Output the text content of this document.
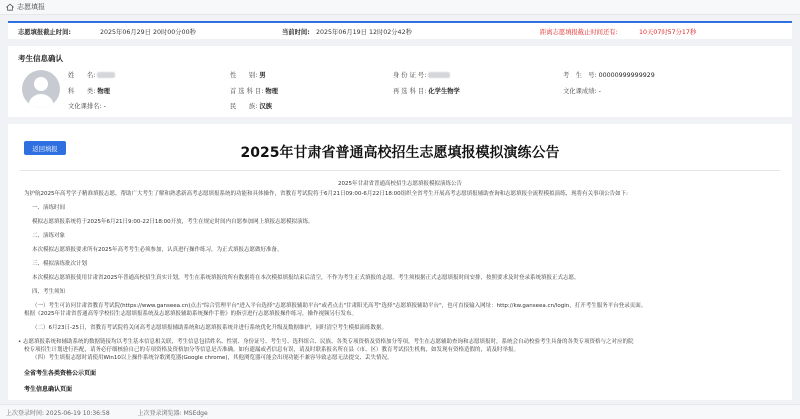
志愿填报
志愿填报截止时间:	2025年06月29日 20时00分00秒	当前时间: 2025年06月19日 12时02分42秒	距离志愿填报截止时间还有:	10天07时57分17秒
考生信息确认
姓　　名:	性　　别: 男	身 份 证 号:	考　生　号: 00000999999929
科　　类: 物理	首 选 科 目: 物理	再 选 科 目: 化学生物学	文化课成绩: -
文化课排名: -	民　　族: 汉族
返回填报	2025年甘肃省普通高校招生志愿填报模拟演练公告
2025年甘肃省普通高校招生志愿填报模拟演练公告
为护航2025年高考学子精准填报志愿，帮助广大考生了解和熟悉新高考志愿填报系统的功能和具体操作，省教育考试院将于6月21日09:00-6月22日18:00组织全省考生开展高考志愿填报辅助查询和志愿填报全流程模拟演练，现将有关事项公告如下:
一、演练时间
模拟志愿填报系统将于2025年6月21日9:00-22日18:00开放，考生在规定时间内自愿参加网上填报志愿模拟演练。
二、演练对象
本次模拟志愿填报要求所有2025年高考考生必须参加，认真进行操作练习，为正式填报志愿做好准备。
三、模拟演练批次计划
本次模拟志愿填报使用甘肃省2025年普通高校招生真实计划，考生在系统填报的所有数据将在本次模拟填报结束后清空，不作为考生正式填报的志愿。考生须根据正式志愿填报时间安排，按照要求及时登录系统填报正式志愿。
四、考生须知
（一）考生可访问甘肃省教育考试院(https://www.ganseea.cn)点击"综合管理平台"进入平台选择"志愿填报辅助平台"或者点击"甘肃阳光高考"选择"志愿填报辅助平台"，也可直接输入网址：http://kw.ganseea.cn/login，打开考生服务平台登录页面。
根据《2025年甘肃省普通高等学校招生志愿填报系统及志愿填报辅助系统操作手册》的指引进行志愿填报操作练习，操作视频另行发布。
（二）6月23日-25日，省教育考试院将关闭高考志愿填报辅助系统和志愿填报系统并进行系统优化升级及数据维护，同时清空考生模拟演练数据。
• 志愿填报系统和辅助系统的数据链接均以考生基本信息相关联，考生信息包括姓名、性别、身份证号、考生号、选科组合、民族、各类专项资格及资格加分等项，考生在志愿辅助查询和志愿填报时，系统会自动校验考生具备的各类专项资格与之对应的院
校专项招生计划进行匹配，请务必仔细核验自己的专项资格及资格加分等信息是否准确。如有遗漏或者信息有误，请及时联系报名所在县（市、区）教育考试招生机构，如发现有资格造假的，请及时举报。
（四）考生填报志愿时请使用Win10以上操作系统谷歌浏览器(Google chrome)，其他浏览器可能会出现功能不兼容导致志愿无法提交、丢失情况。
全省考生各类资格公示页面
考生信息确认页面
上次登录时间: 2025-06-19 10:36:58	上次登录浏览器: MSEdge
